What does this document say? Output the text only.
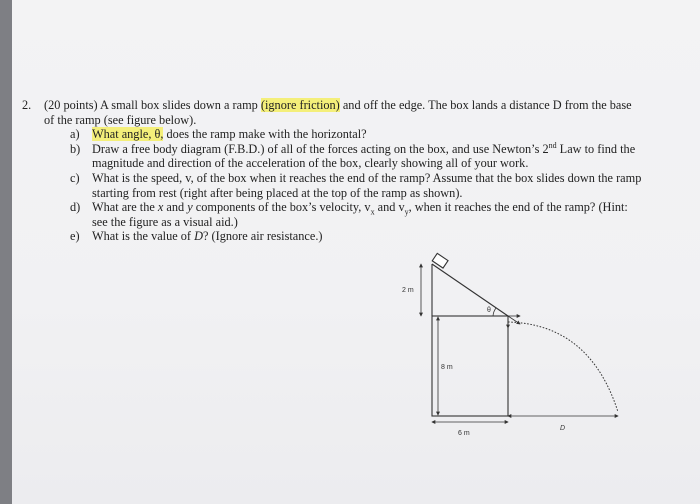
2. (20 points) A small box slides down a ramp (ignore friction) and off the edge. The box lands a distance D from the base of the ramp (see figure below).
a) What angle, θ, does the ramp make with the horizontal?
b) Draw a free body diagram (F.B.D.) of all of the forces acting on the box, and use Newton’s 2nd Law to find the magnitude and direction of the acceleration of the box, clearly showing all of your work.
c) What is the speed, v, of the box when it reaches the end of the ramp? Assume that the box slides down the ramp starting from rest (right after being placed at the top of the ramp as shown).
d) What are the x and y components of the box’s velocity, $v_x$ and $v_y$, when it reaches the end of the ramp? (Hint: see the figure as a visual aid.)
e) What is the value of D? (Ignore air resistance.)
θ
D
6 m
2 m
8 m
